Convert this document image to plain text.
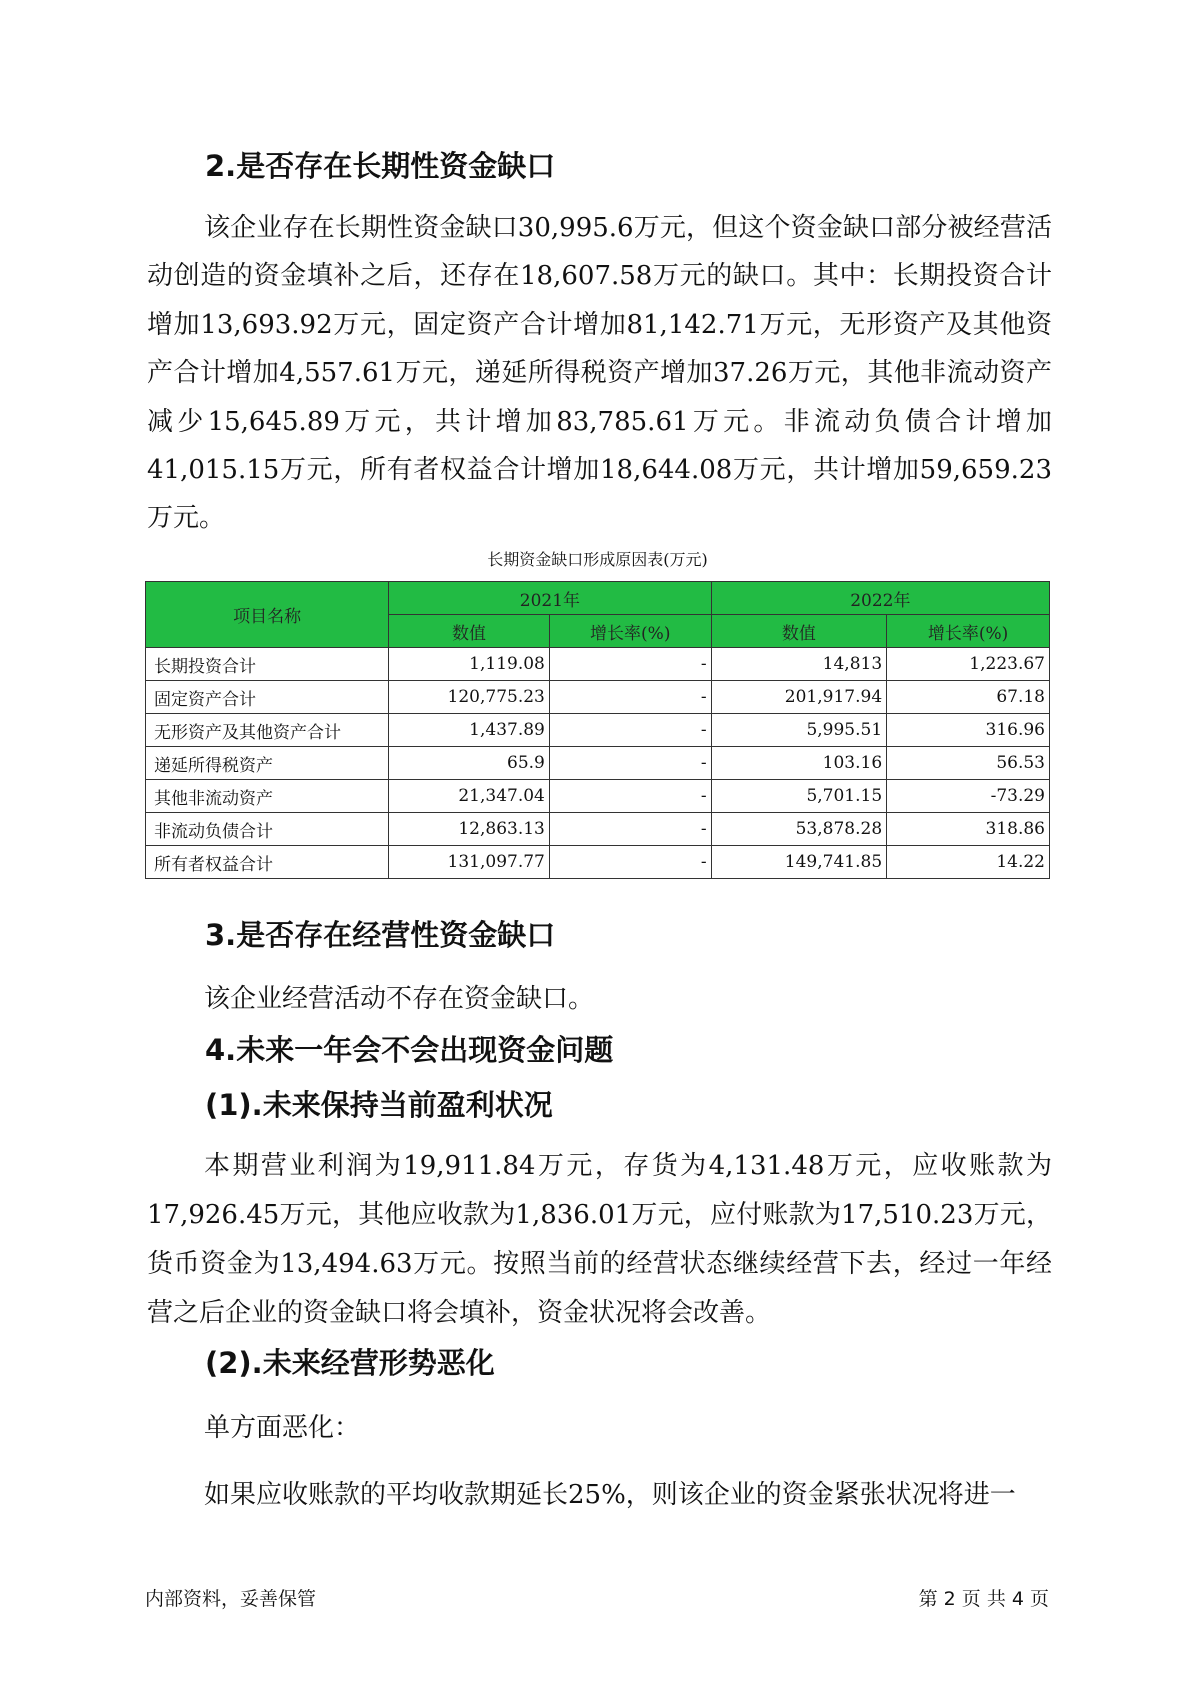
2.是否存在长期性资金缺口

该企业存在长期性资金缺口30,995.6万元，但这个资金缺口部分被经营活动创造的资金填补之后，还存在18,607.58万元的缺口。其中：长期投资合计增加13,693.92万元，固定资产合计增加81,142.71万元，无形资产及其他资产合计增加4,557.61万元，递延所得税资产增加37.26万元，其他非流动资产减少15,645.89万元，共计增加83,785.61万元。非流动负债合计增加41,015.15万元，所有者权益合计增加18,644.08万元，共计增加59,659.23万元。

长期资金缺口形成原因表(万元)
项目名称	2021年		2022年	
	数值	增长率(%)	数值	增长率(%)
长期投资合计	1,119.08	-	14,813	1,223.67
固定资产合计	120,775.23	-	201,917.94	67.18
无形资产及其他资产合计	1,437.89	-	5,995.51	316.96
递延所得税资产	65.9	-	103.16	56.53
其他非流动资产	21,347.04	-	5,701.15	-73.29
非流动负债合计	12,863.13	-	53,878.28	318.86
所有者权益合计	131,097.77	-	149,741.85	14.22
3.是否存在经营性资金缺口

该企业经营活动不存在资金缺口。

4.未来一年会不会出现资金问题
(1).未来保持当前盈利状况

本期营业利润为19,911.84万元，存货为4,131.48万元，应收账款为17,926.45万元，其他应收款为1,836.01万元，应付账款为17,510.23万元，货币资金为13,494.63万元。按照当前的经营状态继续经营下去，经过一年经营之后企业的资金缺口将会填补，资金状况将会改善。

(2).未来经营形势恶化

单方面恶化：

如果应收账款的平均收款期延长25%，则该企业的资金紧张状况将进一

内部资料，妥善保管	第 2 页 共 4 页
